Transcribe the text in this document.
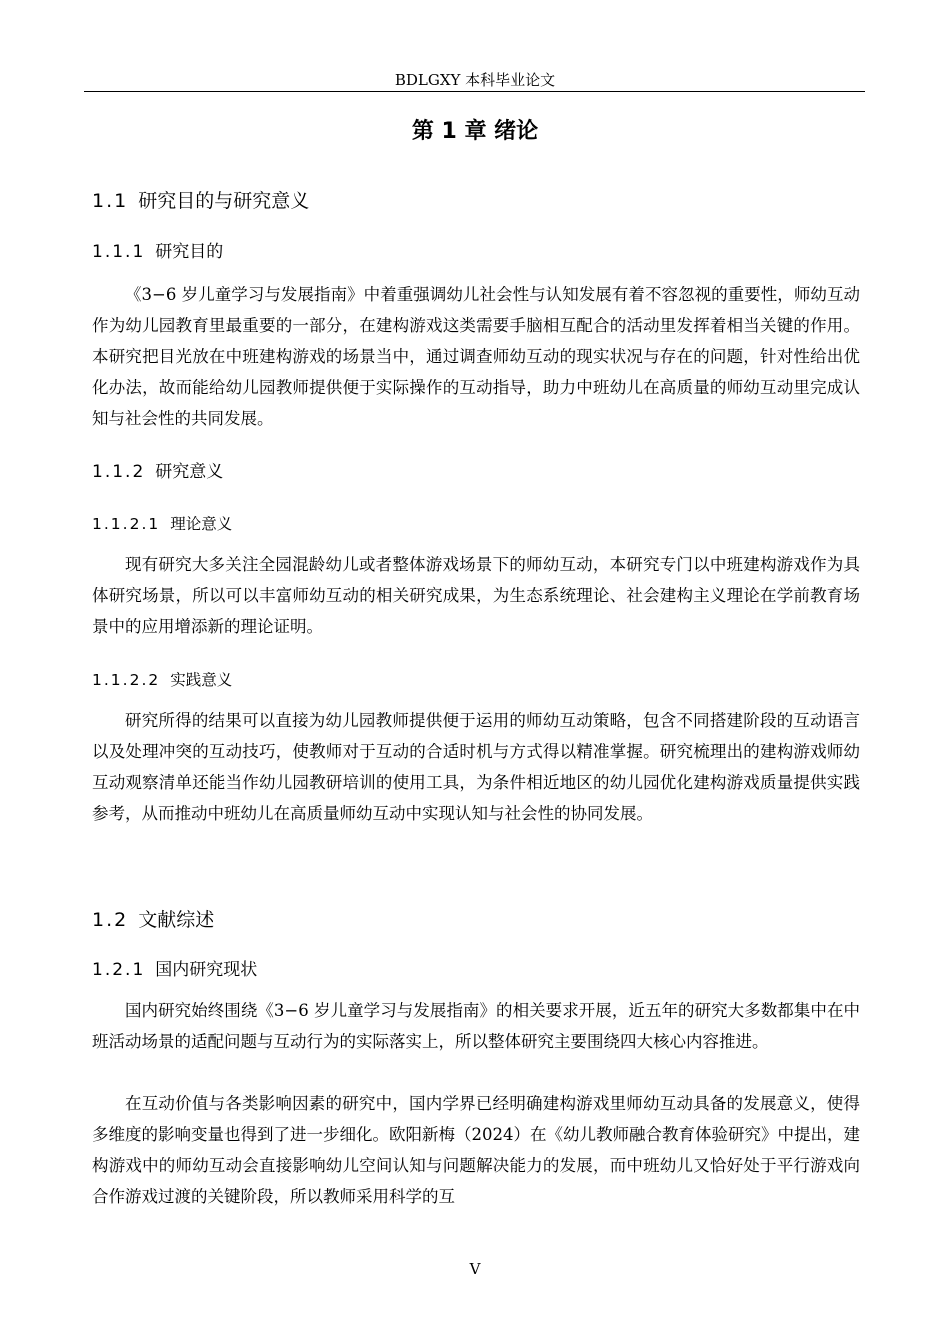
BDLGXY 本科毕业论文
第 1 章 绪论
1.1 研究目的与研究意义
1.1.1 研究目的

《3−6 岁儿童学习与发展指南》中着重强调幼儿社会性与认知发展有着不容忽视的重要性，师幼互动作为幼儿园教育里最重要的一部分，在建构游戏这类需要手脑相互配合的活动里发挥着相当关键的作用。本研究把目光放在中班建构游戏的场景当中，通过调查师幼互动的现实状况与存在的问题，针对性给出优化办法，故而能给幼儿园教师提供便于实际操作的互动指导，助力中班幼儿在高质量的师幼互动里完成认知与社会性的共同发展。

1.1.2 研究意义
1.1.2.1 理论意义

现有研究大多关注全园混龄幼儿或者整体游戏场景下的师幼互动，本研究专门以中班建构游戏作为具体研究场景，所以可以丰富师幼互动的相关研究成果，为生态系统理论、社会建构主义理论在学前教育场景中的应用增添新的理论证明。

1.1.2.2 实践意义

研究所得的结果可以直接为幼儿园教师提供便于运用的师幼互动策略，包含不同搭建阶段的互动语言以及处理冲突的互动技巧，使教师对于互动的合适时机与方式得以精准掌握。研究梳理出的建构游戏师幼互动观察清单还能当作幼儿园教研培训的使用工具，为条件相近地区的幼儿园优化建构游戏质量提供实践参考，从而推动中班幼儿在高质量师幼互动中实现认知与社会性的协同发展。

1.2 文献综述
1.2.1 国内研究现状

国内研究始终围绕《3−6 岁儿童学习与发展指南》的相关要求开展，近五年的研究大多数都集中在中班活动场景的适配问题与互动行为的实际落实上，所以整体研究主要围绕四大核心内容推进。

在互动价值与各类影响因素的研究中，国内学界已经明确建构游戏里师幼互动具备的发展意义，使得多维度的影响变量也得到了进一步细化。欧阳新梅（2024）在《幼儿教师融合教育体验研究》中提出，建构游戏中的师幼互动会直接影响幼儿空间认知与问题解决能力的发展，而中班幼儿又恰好处于平行游戏向合作游戏过渡的关键阶段，所以教师采用科学的互

V
